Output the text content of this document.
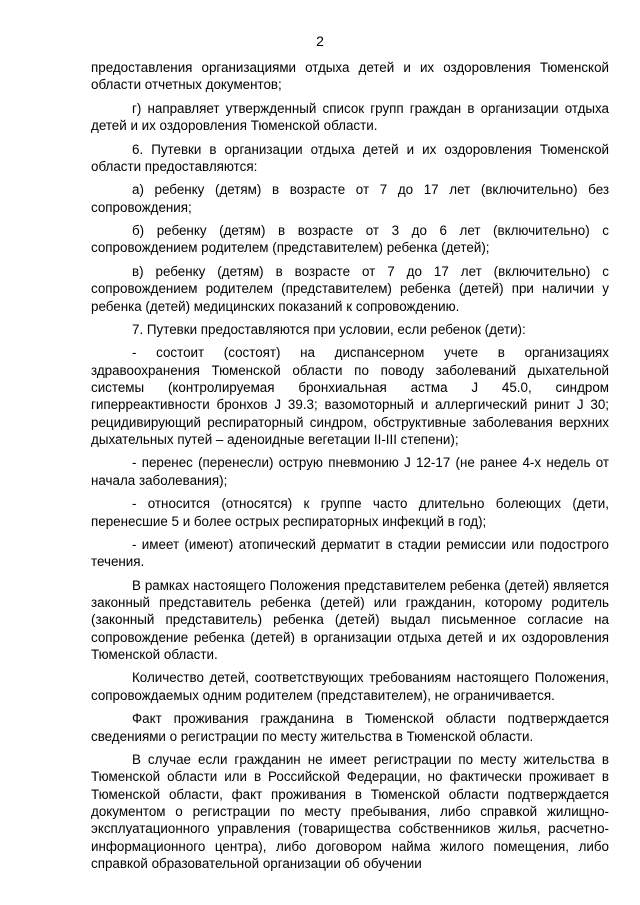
2

предоставления организациями отдыха детей и их оздоровления Тюменской области отчетных документов;

г) направляет утвержденный список групп граждан в организации отдыха детей и их оздоровления Тюменской области.

6. Путевки в организации отдыха детей и их оздоровления Тюменской области предоставляются:

а) ребенку (детям) в возрасте от 7 до 17 лет (включительно) без сопровождения;

б) ребенку (детям) в возрасте от 3 до 6 лет (включительно) с сопровождением родителем (представителем) ребенка (детей);

в) ребенку (детям) в возрасте от 7 до 17 лет (включительно) с сопровождением родителем (представителем) ребенка (детей) при наличии у ребенка (детей) медицинских показаний к сопровождению.

7. Путевки предоставляются при условии, если ребенок (дети):

- состоит (состоят) на диспансерном учете в организациях здравоохранения Тюменской области по поводу заболеваний дыхательной системы (контролируемая бронхиальная астма J 45.0, синдром гиперреактивности бронхов J 39.3; вазомоторный и аллергический ринит J 30; рецидивирующий респираторный синдром, обструктивные заболевания верхних дыхательных путей – аденоидные вегетации II-III степени);

- перенес (перенесли) острую пневмонию J 12-17 (не ранее 4-х недель от начала заболевания);

- относится (относятся) к группе часто длительно болеющих (дети, перенесшие 5 и более острых респираторных инфекций в год);

- имеет (имеют) атопический дерматит в стадии ремиссии или подострого течения.

В рамках настоящего Положения представителем ребенка (детей) является законный представитель ребенка (детей) или гражданин, которому родитель (законный представитель) ребенка (детей) выдал письменное согласие на сопровождение ребенка (детей) в организации отдыха детей и их оздоровления Тюменской области.

Количество детей, соответствующих требованиям настоящего Положения, сопровождаемых одним родителем (представителем), не ограничивается.

Факт проживания гражданина в Тюменской области подтверждается сведениями о регистрации по месту жительства в Тюменской области.

В случае если гражданин не имеет регистрации по месту жительства в Тюменской области или в Российской Федерации, но фактически проживает в Тюменской области, факт проживания в Тюменской области подтверждается документом о регистрации по месту пребывания, либо справкой жилищно-эксплуатационного управления (товарищества собственников жилья, расчетно-информационного центра), либо договором найма жилого помещения, либо справкой образовательной организации об обучении
